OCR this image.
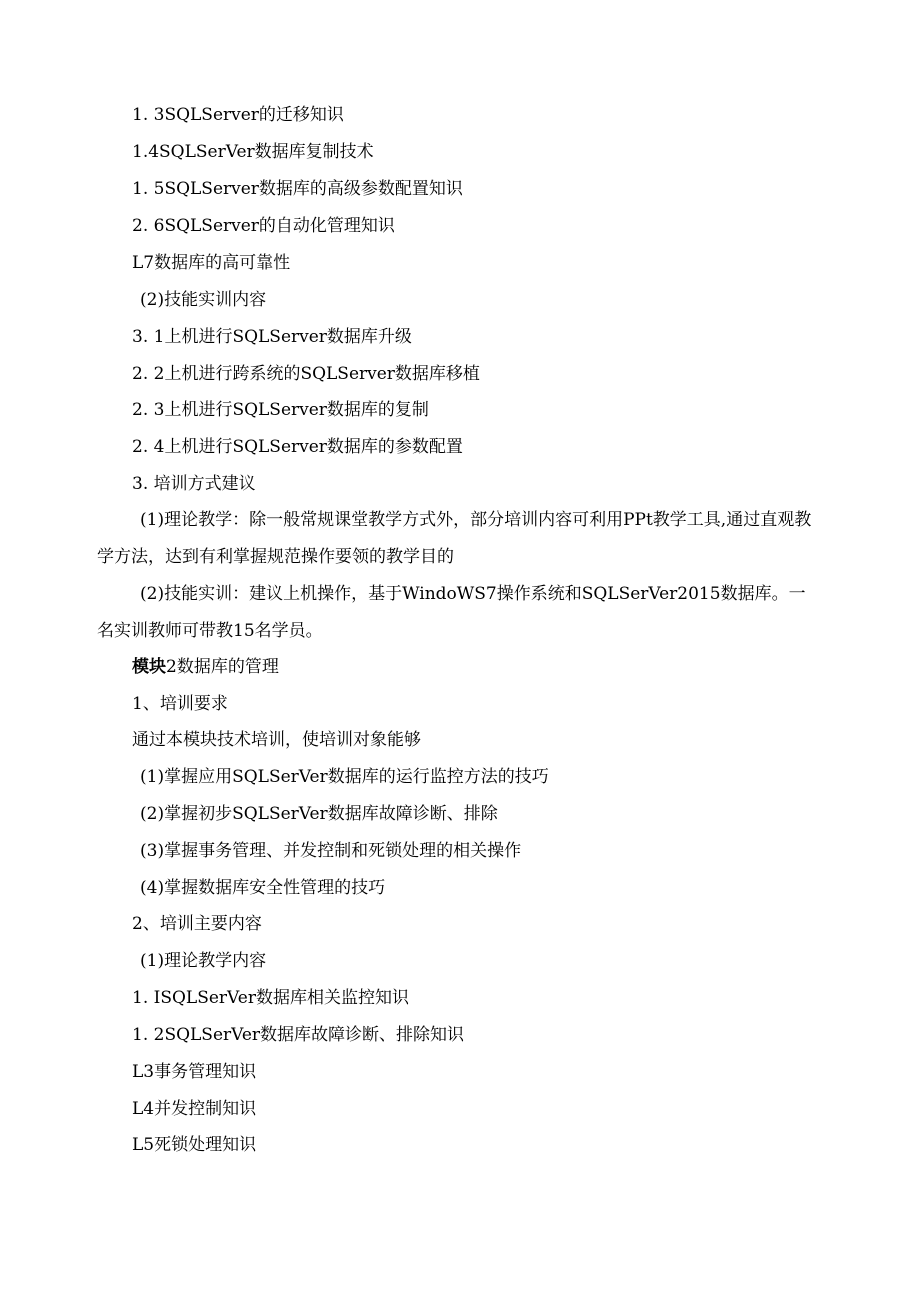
1. 3SQLServer的迁移知识
1.4SQLSerVer数据库复制技术
1. 5SQLServer数据库的高级参数配置知识
2. 6SQLServer的自动化管理知识
L7数据库的高可靠性
(2)技能实训内容
3. 1上机进行SQLServer数据库升级
2. 2上机进行跨系统的SQLServer数据库移植
2. 3上机进行SQLServer数据库的复制
2. 4上机进行SQLServer数据库的参数配置
3. 培训方式建议
(1)理论教学：除一般常规课堂教学方式外，部分培训内容可利用PPt教学工具,通过直观教学方法，达到有利掌握规范操作要领的教学目的
(2)技能实训：建议上机操作，基于WindoWS7操作系统和SQLSerVer2015数据库。一名实训教师可带教15名学员。
模块2数据库的管理
1、培训要求
通过本模块技术培训，使培训对象能够
(1)掌握应用SQLSerVer数据库的运行监控方法的技巧
(2)掌握初步SQLSerVer数据库故障诊断、排除
(3)掌握事务管理、并发控制和死锁处理的相关操作
(4)掌握数据库安全性管理的技巧
2、培训主要内容
(1)理论教学内容
1. ISQLSerVer数据库相关监控知识
1. 2SQLSerVer数据库故障诊断、排除知识
L3事务管理知识
L4并发控制知识
L5死锁处理知识
